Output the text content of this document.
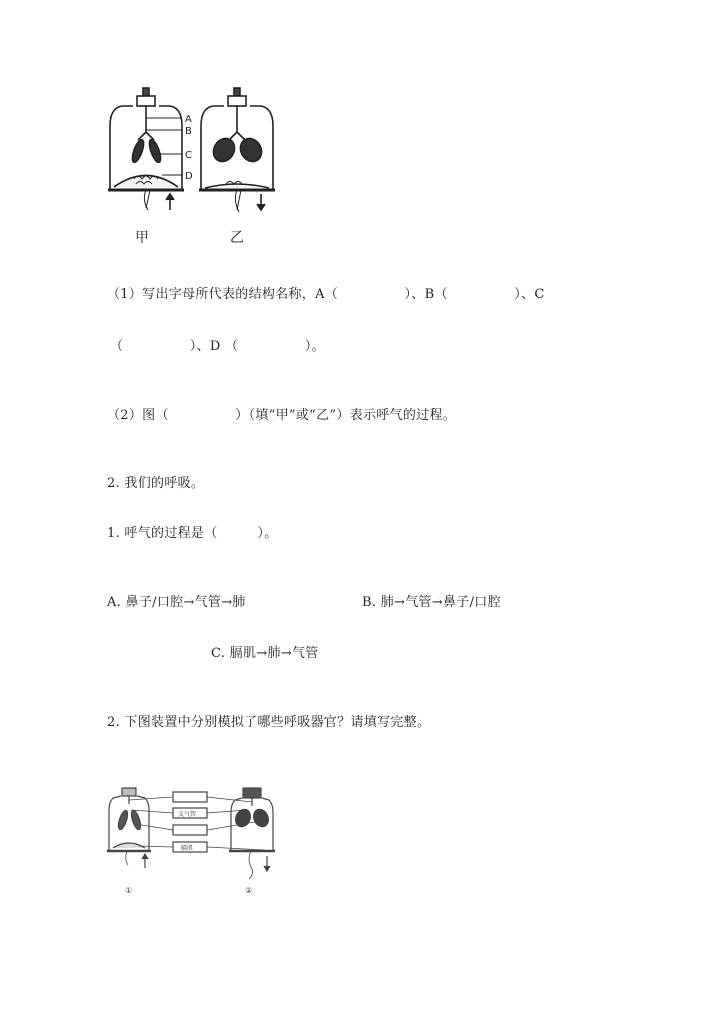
A
B
C
D
甲	乙
（1）写出字母所代表的结构名称，A（　　　　　）、B（　　　　　）、C
（　　　　　）、D （　　　　　）。
（2）图（　　　　　）（填“甲”或“乙”）表示呼气的过程。
2. 我们的呼吸。
1. 呼气的过程是（　　　）。
A. 鼻子/口腔→气管→肺	B. 肺→气管→鼻子/口腔
C. 膈肌→肺→气管
2. 下图装置中分别模拟了哪些呼吸器官？请填写完整。
支气管
膈肌
①	②
